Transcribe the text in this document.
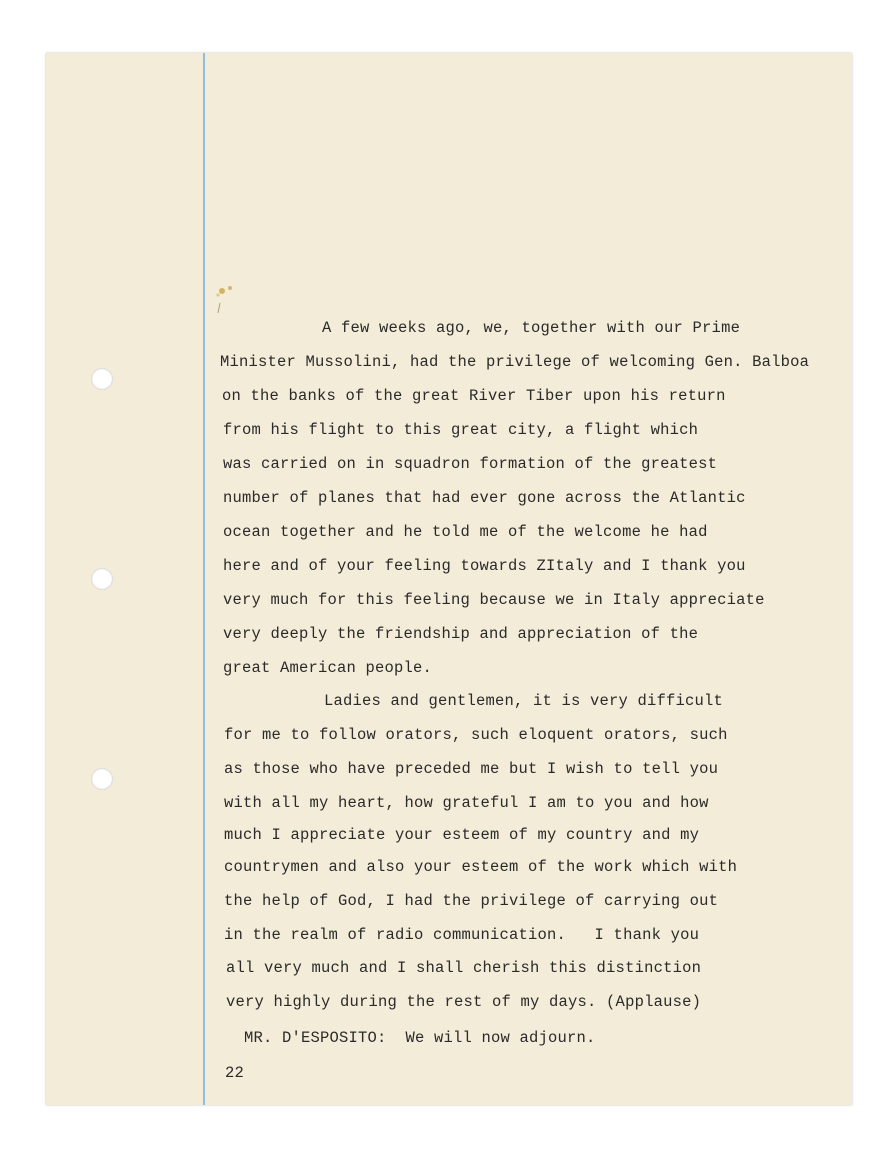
A few weeks ago, we, together with our Prime

Minister Mussolini, had the privilege of welcoming Gen. Balboa

on the banks of the great River Tiber upon his return

from his flight to this great city, a flight which

was carried on in squadron formation of the greatest

number of planes that had ever gone across the Atlantic

ocean together and he told me of the welcome he had

here and of your feeling towards ZItaly and I thank you

very much for this feeling because we in Italy appreciate

very deeply the friendship and appreciation of the

great American people.

Ladies and gentlemen, it is very difficult

for me to follow orators, such eloquent orators, such

as those who have preceded me but I wish to tell you

with all my heart, how grateful I am to you and how

much I appreciate your esteem of my country and my

countrymen and also your esteem of the work which with

the help of God, I had the privilege of carrying out

in the realm of radio communication.   I thank you

all very much and I shall cherish this distinction

very highly during the rest of my days. (Applause)

MR. D'ESPOSITO:  We will now adjourn.

22
